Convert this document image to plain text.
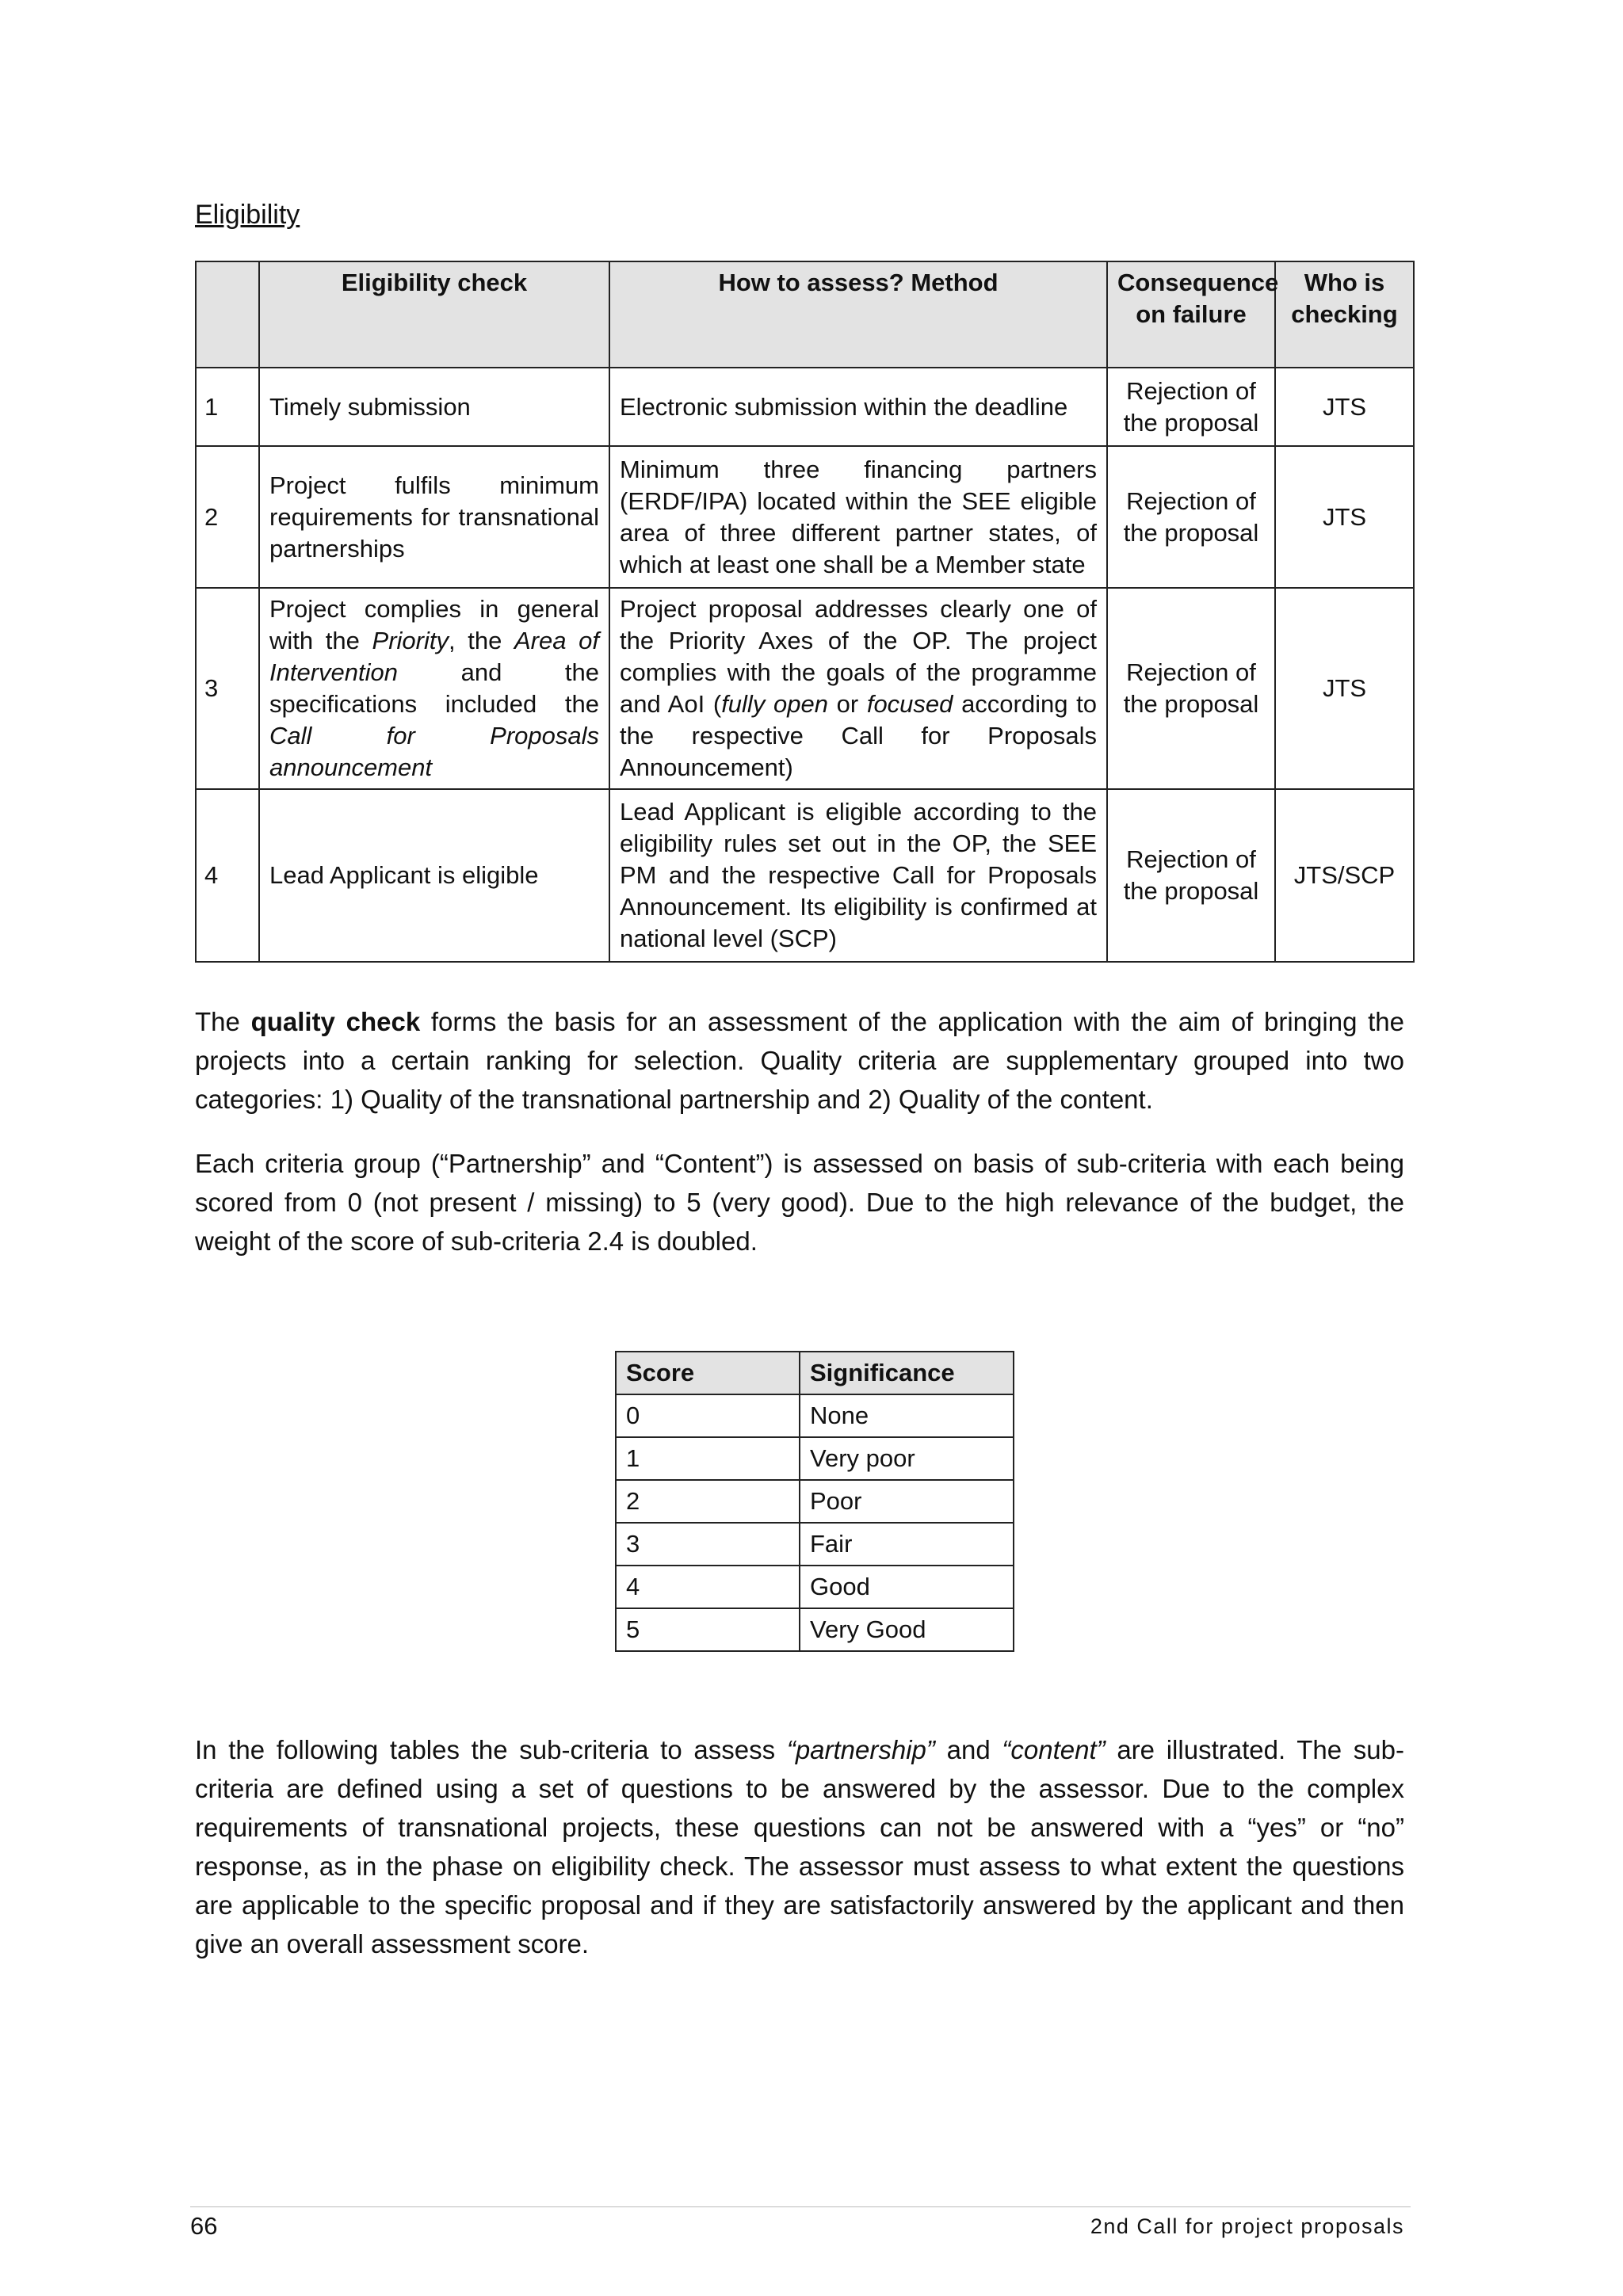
Eligibility
	Eligibility check	How to assess? Method	Consequence on failure	Who is checking
1	Timely submission	Electronic submission within the deadline	Rejection of the proposal	JTS
2	Project fulfils minimum requirements for transnational partnerships	Minimum three financing partners (ERDF/IPA) located within the SEE eligible area of three different partner states, of which at least one shall be a Member state	Rejection of the proposal	JTS
3	Project complies in general with the Priority, the Area of Intervention and the specifications included the Call for Proposals announcement	Project proposal addresses clearly one of the Priority Axes of the OP. The project complies with the goals of the programme and AoI (fully open or focused according to the respective Call for Proposals Announcement)	Rejection of the proposal	JTS
4	Lead Applicant is eligible	Lead Applicant is eligible according to the eligibility rules set out in the OP, the SEE PM and the respective Call for Proposals Announcement. Its eligibility is confirmed at national level (SCP)	Rejection of the proposal	JTS/SCP
The quality check forms the basis for an assessment of the application with the aim of bringing the projects into a certain ranking for selection. Quality criteria are supplementary grouped into two categories: 1) Quality of the transnational partnership and 2) Quality of the content.
Each criteria group (“Partnership” and “Content”) is assessed on basis of sub-criteria with each being scored from 0 (not present / missing) to 5 (very good). Due to the high relevance of the budget, the weight of the score of sub-criteria 2.4 is doubled.
Score	Significance
0	None
1	Very poor
2	Poor
3	Fair
4	Good
5	Very Good
In the following tables the sub-criteria to assess “partnership” and “content” are illustrated. The sub-criteria are defined using a set of questions to be answered by the assessor. Due to the complex requirements of transnational projects, these questions can not be answered with a “yes” or “no” response, as in the phase on eligibility check. The assessor must assess to what extent the questions are applicable to the specific proposal and if they are satisfactorily answered by the applicant and then give an overall assessment score.
66	2nd Call for project proposals
